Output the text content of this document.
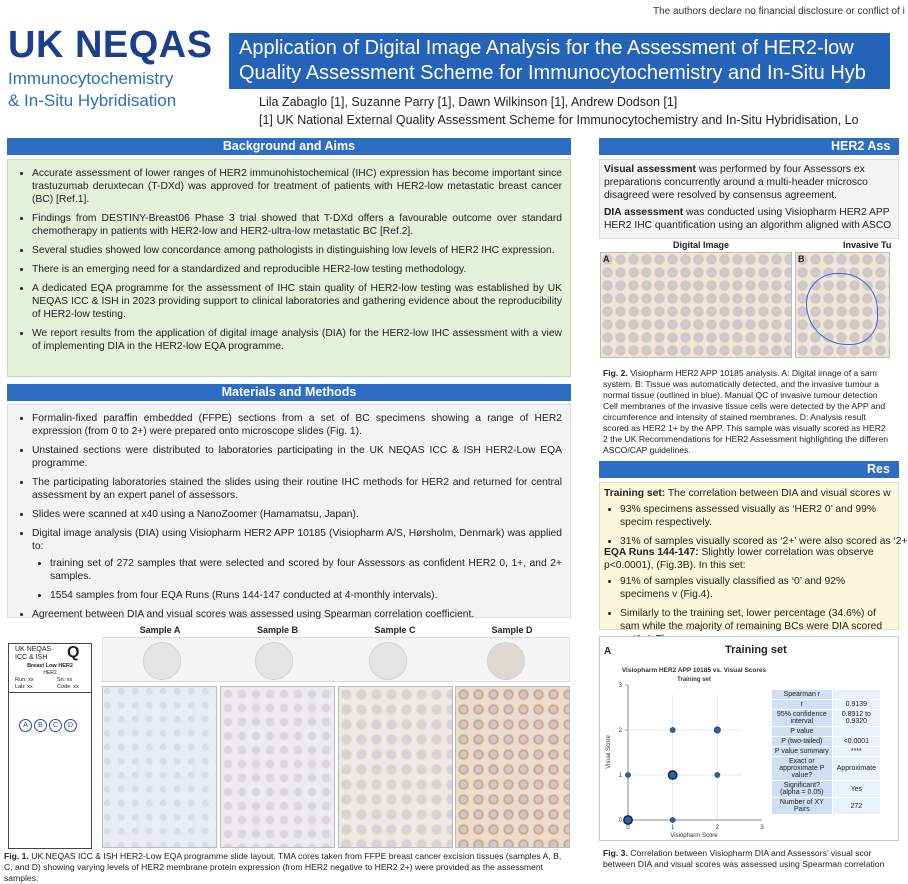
The authors declare no financial disclosure or conflict of i
UK NEQAS
Immunocytochemistry
& In-Situ Hybridisation
Application of Digital Image Analysis for the Assessment of HER2-low
Quality Assessment Scheme for Immunocytochemistry and In-Situ Hyb
Lila Zabaglo [1], Suzanne Parry [1], Dawn Wilkinson [1], Andrew Dodson [1]
[1] UK National External Quality Assessment Scheme for Immunocytochemistry and In-Situ Hybridisation, Lo
Background and Aims
• Accurate assessment of lower ranges of HER2 immunohistochemical (IHC) expression has become important since trastuzumab deruxtecan (T-DXd) was approved for treatment of patients with HER2-low metastatic breast cancer (BC) [Ref.1].
• Findings from DESTINY-Breast06 Phase 3 trial showed that T-DXd offers a favourable outcome over standard chemotherapy in patients with HER2-low and HER2-ultra-low metastatic BC [Ref.2].
• Several studies showed low concordance among pathologists in distinguishing low levels of HER2 IHC expression.
• There is an emerging need for a standardized and reproducible HER2-low testing methodology.
• A dedicated EQA programme for the assessment of IHC stain quality of HER2-low testing was established by UK NEQAS ICC & ISH in 2023 providing support to clinical laboratories and gathering evidence about the reproducibility of HER2-low testing.
• We report results from the application of digital image analysis (DIA) for the HER2-low IHC assessment with a view of implementing DIA in the HER2-low EQA programme.
Materials and Methods
• Formalin-fixed paraffin embedded (FFPE) sections from a set of BC specimens showing a range of HER2 expression (from 0 to 2+) were prepared onto microscope slides (Fig. 1).
• Unstained sections were distributed to laboratories participating in the UK NEQAS ICC & ISH HER2-Low EQA programme.
• The participating laboratories stained the slides using their routine IHC methods for HER2 and returned for central assessment by an expert panel of assessors.
• Slides were scanned at x40 using a NanoZoomer (Hamamatsu, Japan).
• Digital image analysis (DIA) using Visiopharm HER2 APP 10185 (Visiopharm A/S, Hørsholm, Denmark) was applied to:
• training set of 272 samples that were selected and scored by four Assessors as confident HER2 0, 1+, and 2+ samples.
• 1554 samples from four EQA Runs (Runs 144-147 conducted at 4-monthly intervals).
• Agreement between DIA and visual scores was assessed using Spearman correlation coefficient.
UK NEQAS
ICC & ISH Q
Breast Low HER2
HER2
Run: xx	Sn: xx
Lab: xx	Code: xx
A B C D
Sample A	Sample B	Sample C	Sample D
Fig. 1. UK NEQAS ICC & ISH HER2-Low EQA programme slide layout. TMA cores taken from FFPE breast cancer excision tissues (samples A, B, C, and D) showing varying levels of HER2 membrane protein expression (from HER2 negative to HER2 2+) were provided as the assessment samples.
HER2 Ass
Visual assessment was performed by four Assessors ex preparations concurrently around a multi-header microsco disagreed were resolved by consensus agreement.
DIA assessment was conducted using Visiopharm HER2 APP HER2 IHC quantification using an algorithm aligned with ASCO
Digital Image	Invasive Tu
A	B
Fig. 2. Visiopharm HER2 APP 10185 analysis. A: Digital image of a sam system. B: Tissue was automatically detected, and the invasive tumour a normal tissue (outlined in blue). Manual QC of invasive tumour detection Cell membranes of the invasive tissue cells were detected by the APP and circumference and intensity of stained membranes. D: Analysis result scored as HER2 1+ by the APP. This sample was visually scored as HER2 2 the UK Recommendations for HER2 Assessment highlighting the differen ASCO/CAP guidelines.
Res
Training set: The correlation between DIA and visual scores w
• 93% specimens assessed visually as ‘HER2 0’ and 99% specim respectively.
• 31% of samples visually scored as ‘2+’ were also scored as ‘2+
EQA Runs 144-147: Slightly lower correlation was observe p<0.0001), (Fig.3B). In this set:
• 91% of samples visually classified as ‘0’ and 92% specimens v (Fig.4).
• Similarly to the training set, lower percentage (34.6%) of sam while the majority of remaining BCs were DIA scored
A	Training set
Visiopharm HER2 APP 10185 vs. Visual Scores
Training set
0	1	2	3
0
1
2
3
Visiopharm Score
Visual Score
Spearman r	
r	0.9139
95% confidence interval	0.8912 to 0.9320
P value	
P (two-tailed)	<0.0001
P value summary	****
Exact or approximate P value?	Approximate
Significant? (alpha = 0.05)	Yes
Number of XY Pairs	272
Fig. 3. Correlation between Visiopharm DIA and Assessors’ visual scor between DIA and visual scores was assessed using Spearman correlation
